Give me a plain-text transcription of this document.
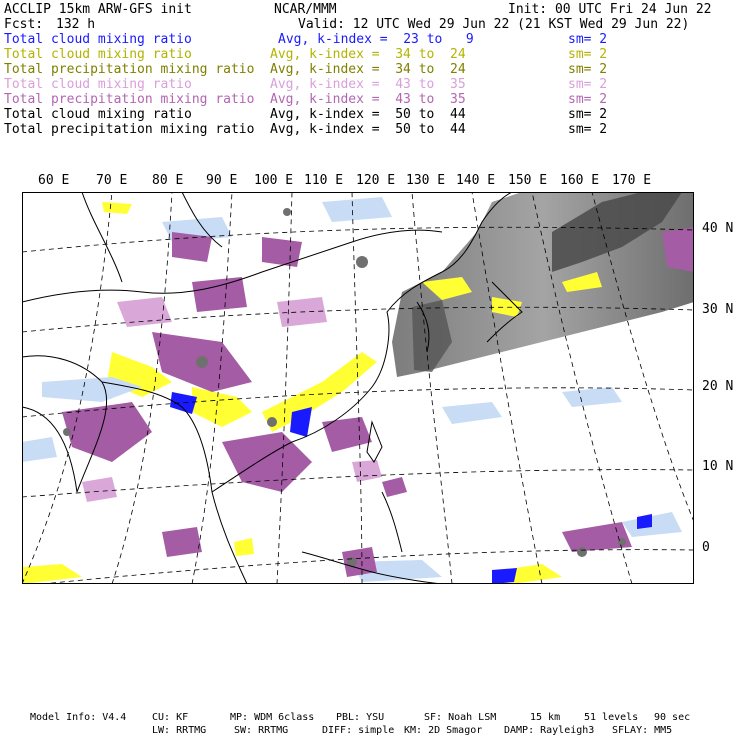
ACCLIP 15km ARW-GFS init	NCAR/MMM	Init: 00 UTC Fri 24 Jun 22
Fcst: 132 h	Valid: 12 UTC Wed 29 Jun 22 (21 KST Wed 29 Jun 22)
Total cloud mixing ratio	Avg, k-index =  23 to   9	sm= 2
Total cloud mixing ratio	Avg, k-index =  34 to  24	sm= 2
Total precipitation mixing ratio Avg, k-index =  34 to  24	sm= 2
Total cloud mixing ratio	Avg, k-index =  43 to  35	sm= 2
Total precipitation mixing ratio Avg, k-index =  43 to  35	sm= 2
Total cloud mixing ratio	Avg, k-index =  50 to  44	sm= 2
Total precipitation mixing ratio Avg, k-index =  50 to  44	sm= 2
60 E 70 E 80 E 90 E 100 E 110 E 120 E 130 E 140 E 150 E 160 E 170 E
40 N
30 N
20 N
10 N
0
Model Info: V4.4	CU: KF	MP: WDM 6class PBL: YSU	SF: Noah LSM	15 km 51 levels 90 sec
LW: RRTMG	SW: RRTMG	DIFF: simple KM: 2D Smagor DAMP: Rayleigh3 SFLAY: MM5
